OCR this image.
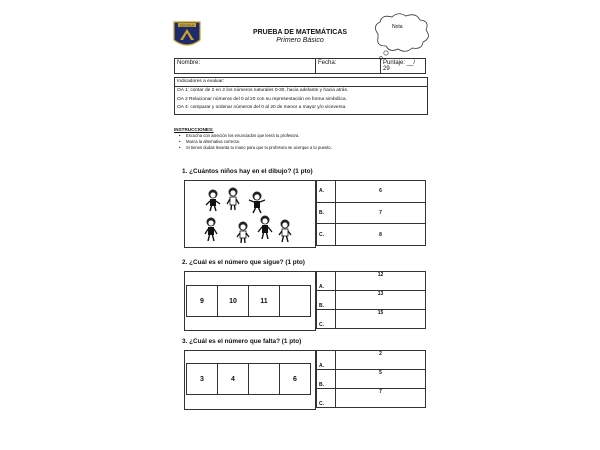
ESCUELA
PRUEBA DE MATEMÁTICAS
Primero Básico
Nota
Nombre:	Fecha:	Puntaje: __/ 29
Indicadores a evaluar:
OA 1: contar de 2 en 2 los números naturales 0-30, hacia adelante y hacia atrás.
OA 2 Relacionar números del 0 al 20 con su representación en forma simbólica.
OA 4: comparar y ordenar números del 0 al 20 de menor a mayor y/o viceversa.
INSTRUCCIONES:
• Escucha con atención los enunciados que leerá tu profesora.
• Marca la alternativa correcta.
• Si tienes dudas levanta tu mano para que tu profesora se acerque a tu puesto.
1. ¿Cuántos niños hay en el dibujo? (1 pto)
A.	6
B.	7
C.	8
2. ¿Cuál es el número que sigue? (1 pto)
9	10	11	
A.	12
B.	13
C.	15
3. ¿Cuál es el número que falta? (1 pto)
3	4		6
A.	2
B.	5
C.	7
